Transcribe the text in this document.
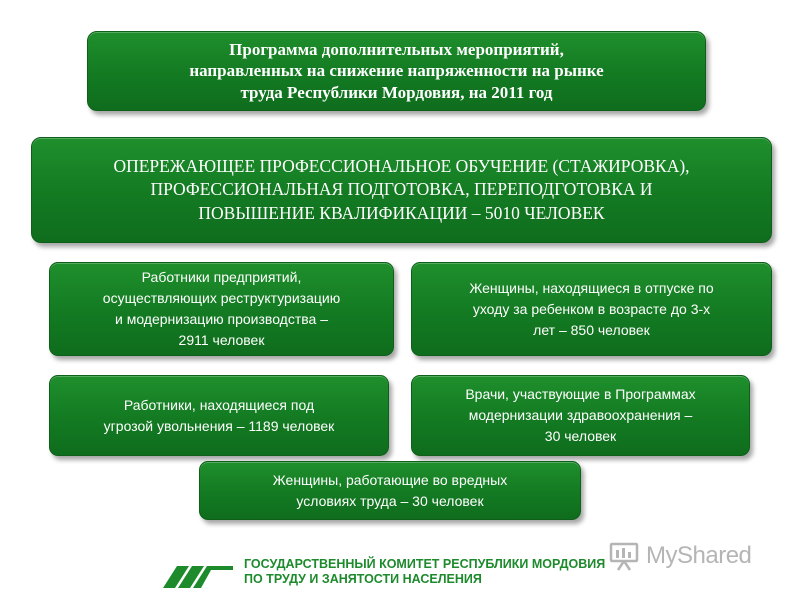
Программа дополнительных мероприятий,
направленных на снижение напряженности на рынке
труда Республики Мордовия, на 2011 год
ОПЕРЕЖАЮЩЕЕ ПРОФЕССИОНАЛЬНОЕ ОБУЧЕНИЕ (СТАЖИРОВКА),
ПРОФЕССИОНАЛЬНАЯ ПОДГОТОВКА, ПЕРЕПОДГОТОВКА И
ПОВЫШЕНИЕ КВАЛИФИКАЦИИ – 5010 ЧЕЛОВЕК
Работники предприятий,
осуществляющих реструктуризацию
и модернизацию производства –
2911 человек
Женщины, находящиеся в отпуске по
уходу за ребенком в возрасте до 3-х
лет – 850 человек
Работники, находящиеся под
угрозой увольнения – 1189 человек
Врачи, участвующие в Программах
модернизации здравоохранения –
30 человек
Женщины, работающие во вредных
условиях труда – 30 человек
ГОСУДАРСТВЕННЫЙ КОМИТЕТ РЕСПУБЛИКИ МОРДОВИЯ
ПО ТРУДУ И ЗАНЯТОСТИ НАСЕЛЕНИЯ
MyShared
